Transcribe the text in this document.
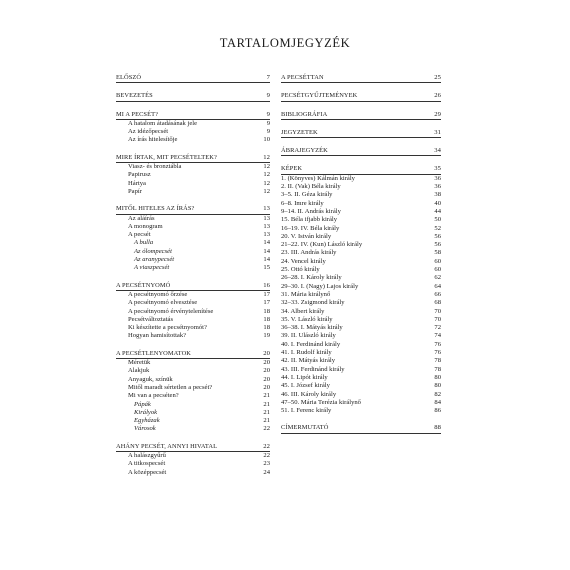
TARTALOMJEGYZÉK
ELŐSZÓ	7
BEVEZETÉS	9
MI A PECSÉT?	9
A hatalom átadásának jele	9
Az idézőpecsét	9
Az írás hitelesítője	10
MIRE ÍRTAK, MIT PECSÉTELTEK?	12
Viasz- és bronztábla	12
Papirusz	12
Hártya	12
Papír	12
MITŐL HITELES AZ ÍRÁS?	13
Az aláírás	13
A monogram	13
A pecsét	13
A bulla	14
Az ólompecsét	14
Az aranypecsét	14
A viaszpecsét	15
A PECSÉTNYOMÓ	16
A pecsétnyomó őrzése	17
A pecsétnyomó elvesztése	17
A pecsétnyomó érvénytelenítése	18
Pecsétváltoztatás	18
Ki készítette a pecsétnyomót?	18
Hogyan hamisítottak?	19
A PECSÉTLENYOMATOK	20
Méretük	20
Alakjuk	20
Anyaguk, színük	20
Mitől maradt sértetlen a pecsét?	20
Mi van a pecséten?	21
Pápák	21
Királyok	21
Egyházak	21
Városok	22
AHÁNY PECSÉT, ANNYI HIVATAL	22
A halászgyűrű	22
A titkospecsét	23
A középpecsét	24
A PECSÉTTAN	25
PECSÉTGYŰJTEMÉNYEK	26
BIBLIOGRÁFIA	29
JEGYZETEK	31
ÁBRAJEGYZÉK	34
KÉPEK	35
1. (Könyves) Kálmán király	36
2. II. (Vak) Béla király	36
3–5. II. Géza király	38
6–8. Imre király	40
9–14. II. András király	44
15. Béla ifjabb király	50
16–19. IV. Béla király	52
20. V. István király	56
21–22. IV. (Kun) László király	56
23. III. András király	58
24. Vencel király	60
25. Ottó király	60
26–28. I. Károly király	62
29–30. I. (Nagy) Lajos király	64
31. Mária királynő	66
32–33. Zsigmond király	68
34. Albert király	70
35. V. László király	70
36–38. I. Mátyás király	72
39. II. Ulászló király	74
40. I. Ferdinánd király	76
41. I. Rudolf király	76
42. II. Mátyás király	78
43. III. Ferdinánd király	78
44. I. Lipót király	80
45. I. József király	80
46. III. Károly király	82
47–50. Mária Terézia királynő	84
51. I. Ferenc király	86
CÍMERMUTATÓ	88
